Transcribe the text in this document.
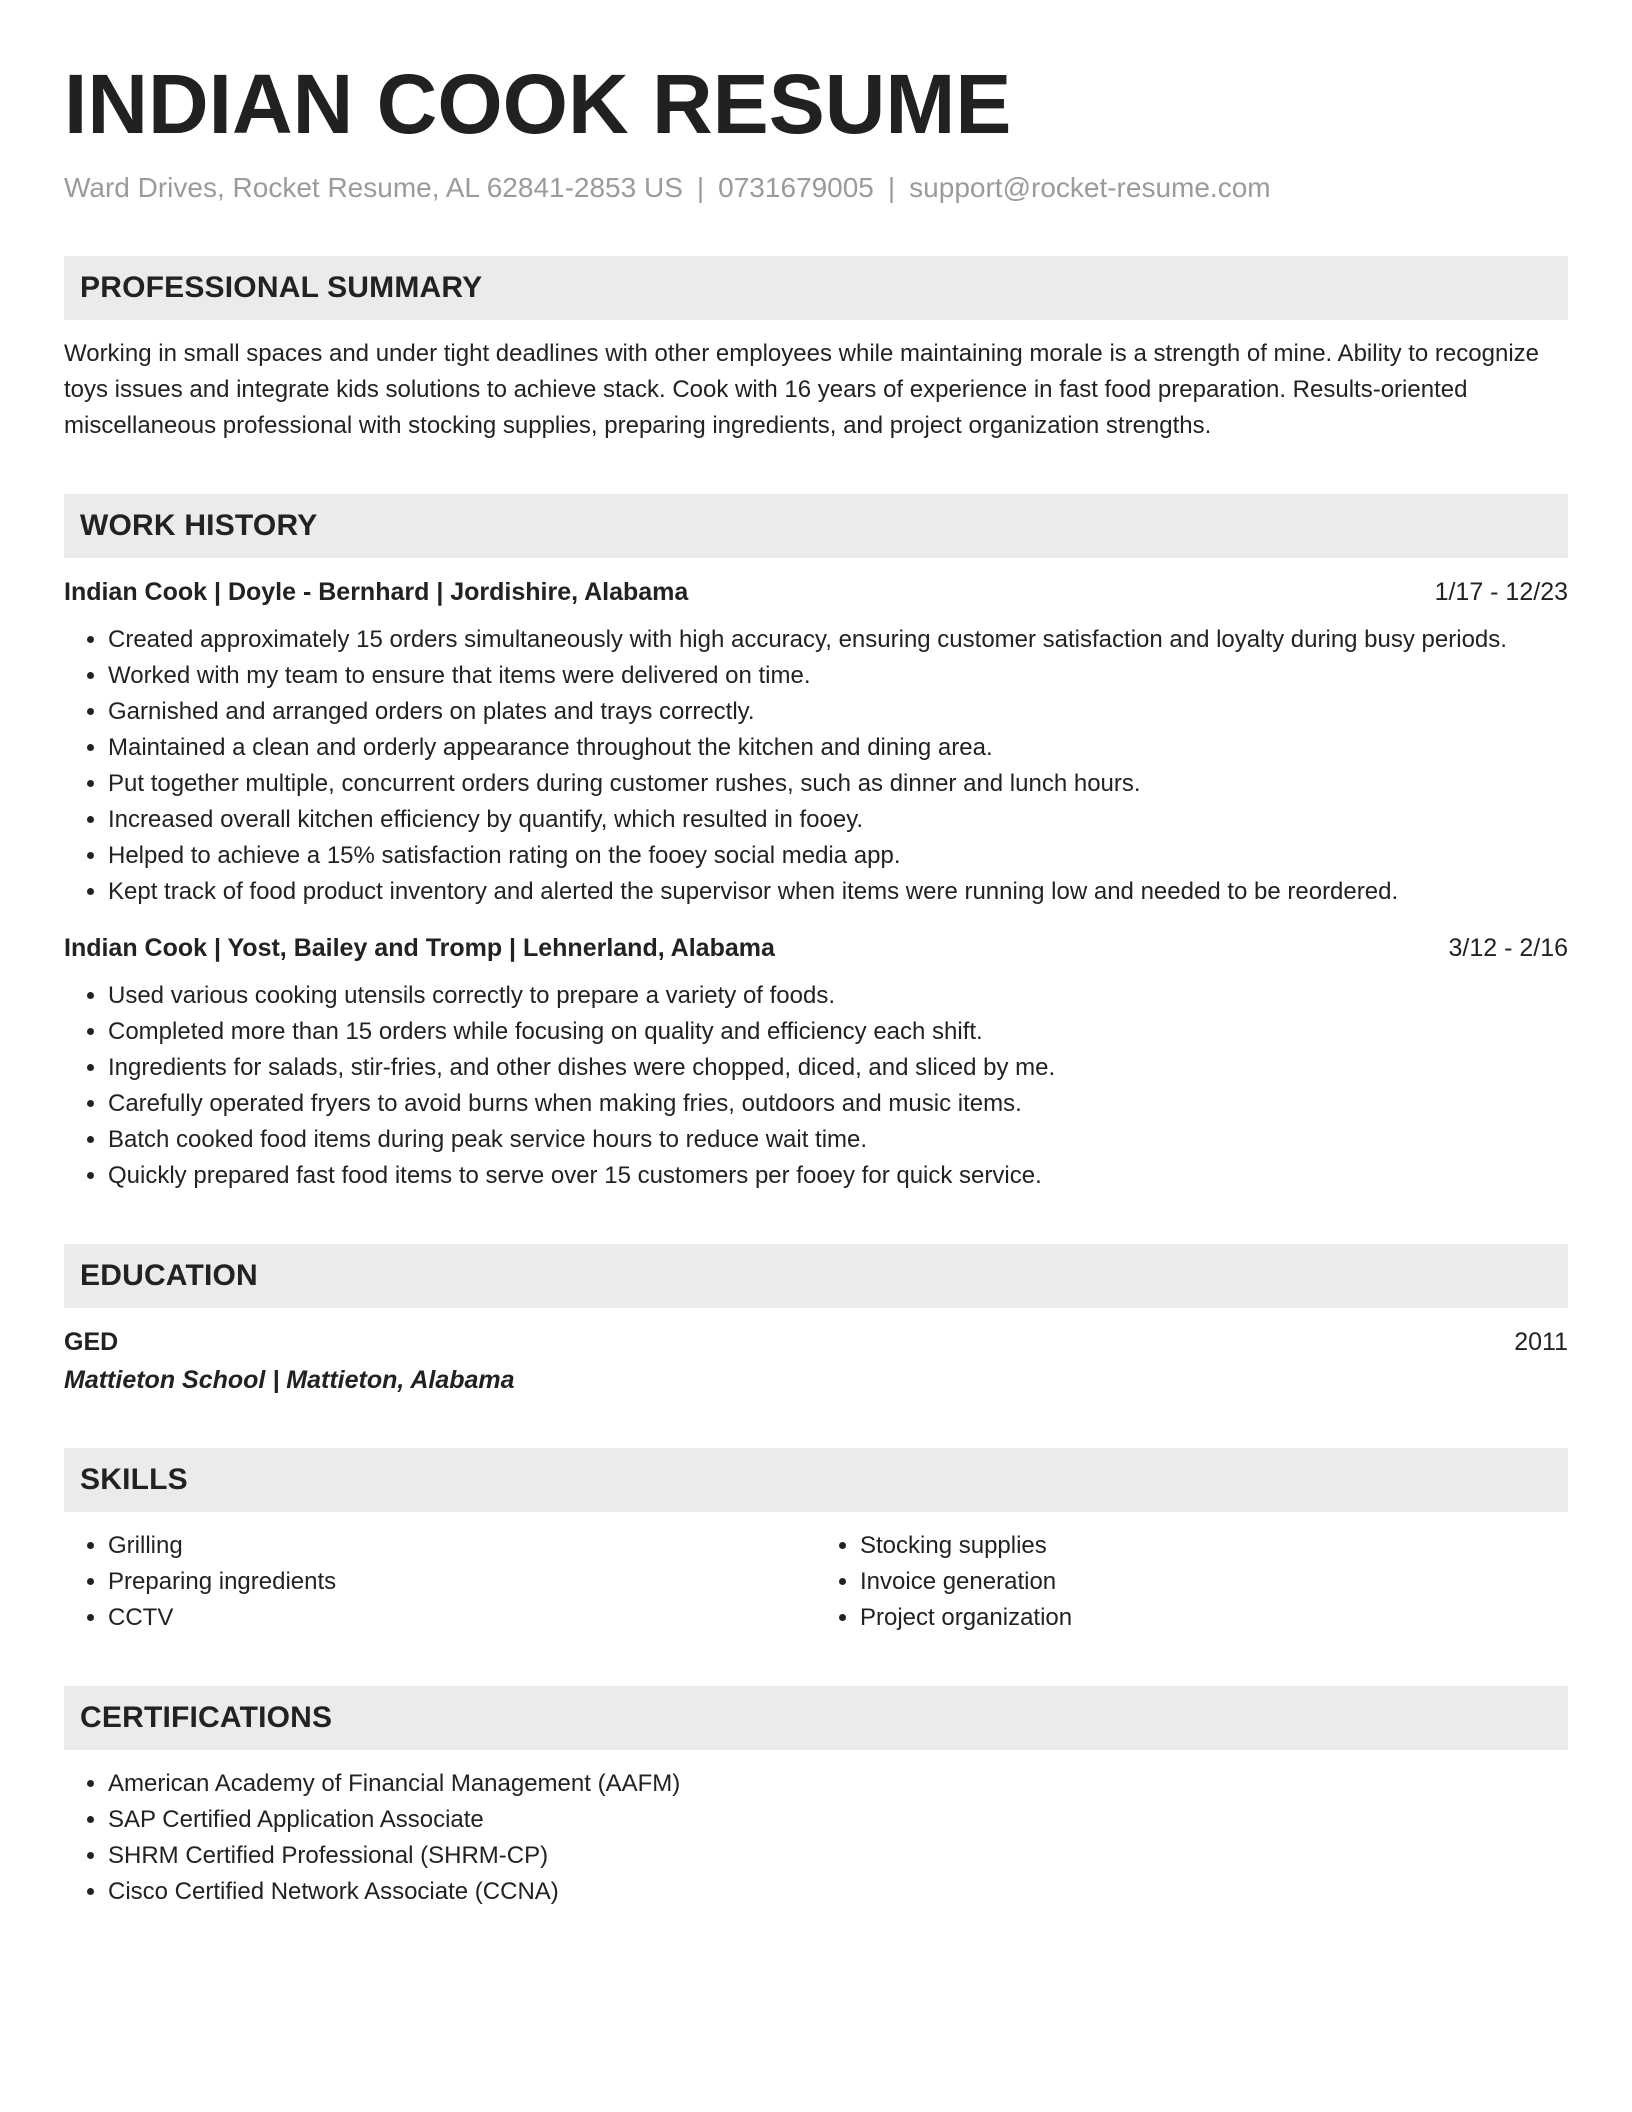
INDIAN COOK RESUME
Ward Drives, Rocket Resume, AL 62841-2853 US | 0731679005 | support@rocket-resume.com
PROFESSIONAL SUMMARY
Working in small spaces and under tight deadlines with other employees while maintaining morale is a strength of mine. Ability to recognize toys issues and integrate kids solutions to achieve stack. Cook with 16 years of experience in fast food preparation. Results-oriented miscellaneous professional with stocking supplies, preparing ingredients, and project organization strengths.
WORK HISTORY
Indian Cook | Doyle - Bernhard | Jordishire, Alabama	1/17 - 12/23
• Created approximately 15 orders simultaneously with high accuracy, ensuring customer satisfaction and loyalty during busy periods.
• Worked with my team to ensure that items were delivered on time.
• Garnished and arranged orders on plates and trays correctly.
• Maintained a clean and orderly appearance throughout the kitchen and dining area.
• Put together multiple, concurrent orders during customer rushes, such as dinner and lunch hours.
• Increased overall kitchen efficiency by quantify, which resulted in fooey.
• Helped to achieve a 15% satisfaction rating on the fooey social media app.
• Kept track of food product inventory and alerted the supervisor when items were running low and needed to be reordered.
Indian Cook | Yost, Bailey and Tromp | Lehnerland, Alabama	3/12 - 2/16
• Used various cooking utensils correctly to prepare a variety of foods.
• Completed more than 15 orders while focusing on quality and efficiency each shift.
• Ingredients for salads, stir-fries, and other dishes were chopped, diced, and sliced by me.
• Carefully operated fryers to avoid burns when making fries, outdoors and music items.
• Batch cooked food items during peak service hours to reduce wait time.
• Quickly prepared fast food items to serve over 15 customers per fooey for quick service.
EDUCATION
GED	2011
Mattieton School | Mattieton, Alabama
SKILLS
• Grilling
• Preparing ingredients
• CCTV
• Stocking supplies
• Invoice generation
• Project organization
CERTIFICATIONS
• American Academy of Financial Management (AAFM)
• SAP Certified Application Associate
• SHRM Certified Professional (SHRM-CP)
• Cisco Certified Network Associate (CCNA)
